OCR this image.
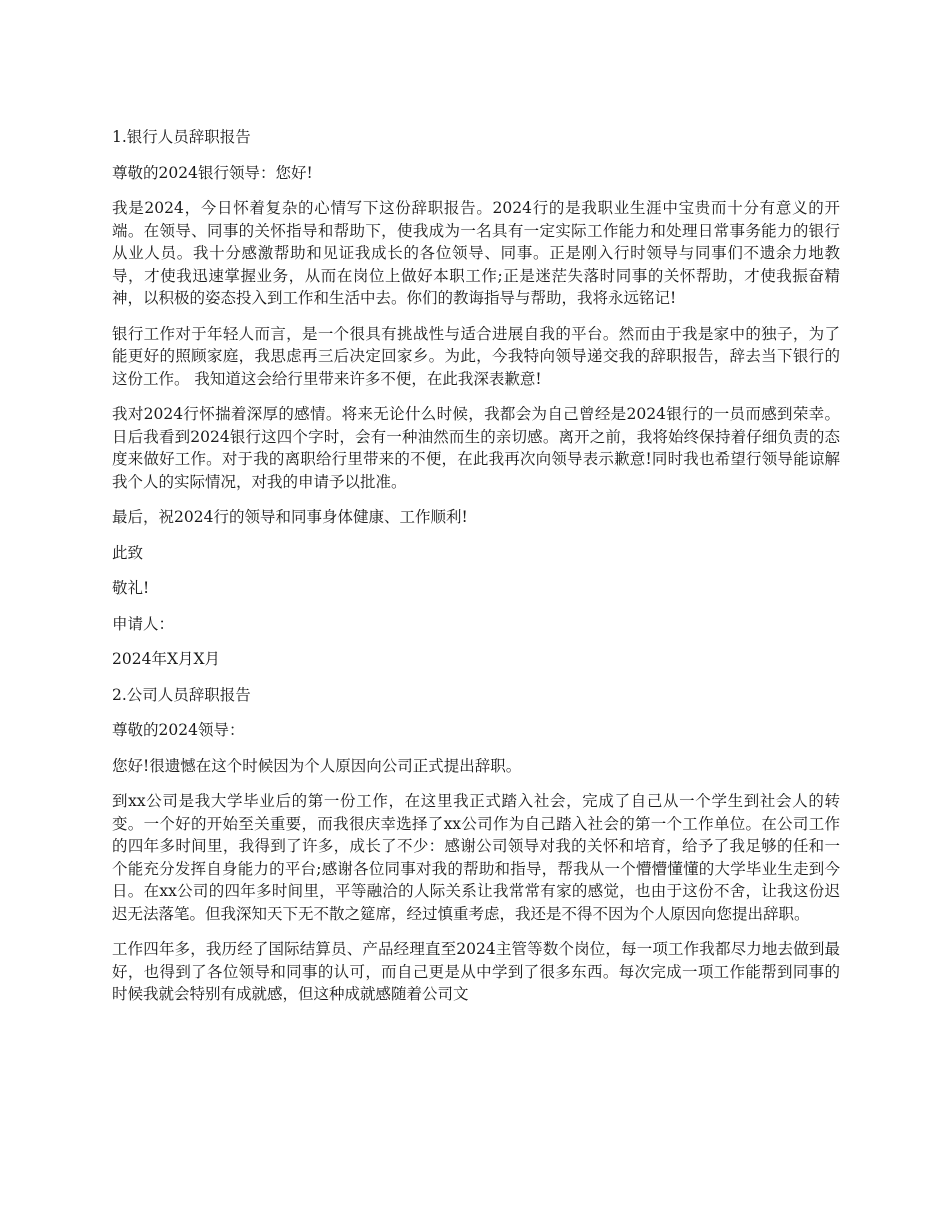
1.银行人员辞职报告

尊敬的2024银行领导：您好!

我是2024，今日怀着复杂的心情写下这份辞职报告。2024行的是我职业生涯中宝贵而十分有意义的开端。在领导、同事的关怀指导和帮助下，使我成为一名具有一定实际工作能力和处理日常事务能力的银行从业人员。我十分感激帮助和见证我成长的各位领导、同事。正是刚入行时领导与同事们不遗余力地教导，才使我迅速掌握业务，从而在岗位上做好本职工作;正是迷茫失落时同事的关怀帮助，才使我振奋精神，以积极的姿态投入到工作和生活中去。你们的教诲指导与帮助，我将永远铭记!

银行工作对于年轻人而言，是一个很具有挑战性与适合进展自我的平台。然而由于我是家中的独子，为了能更好的照顾家庭，我思虑再三后决定回家乡。为此，今我特向领导递交我的辞职报告，辞去当下银行的这份工作。 我知道这会给行里带来许多不便，在此我深表歉意!

我对2024行怀揣着深厚的感情。将来无论什么时候，我都会为自己曾经是2024银行的一员而感到荣幸。日后我看到2024银行这四个字时，会有一种油然而生的亲切感。离开之前，我将始终保持着仔细负责的态度来做好工作。对于我的离职给行里带来的不便，在此我再次向领导表示歉意!同时我也希望行领导能谅解我个人的实际情况，对我的申请予以批准。

最后，祝2024行的领导和同事身体健康、工作顺利!

此致

敬礼!

申请人：

2024年X月X月

2.公司人员辞职报告

尊敬的2024领导：

您好!很遗憾在这个时候因为个人原因向公司正式提出辞职。

到xx公司是我大学毕业后的第一份工作，在这里我正式踏入社会，完成了自己从一个学生到社会人的转变。一个好的开始至关重要，而我很庆幸选择了xx公司作为自己踏入社会的第一个工作单位。在公司工作的四年多时间里，我得到了许多，成长了不少：感谢公司领导对我的关怀和培育，给予了我足够的任和一个能充分发挥自身能力的平台;感谢各位同事对我的帮助和指导，帮我从一个懵懵懂懂的大学毕业生走到今日。在xx公司的四年多时间里，平等融洽的人际关系让我常常有家的感觉，也由于这份不舍，让我这份迟迟无法落笔。但我深知天下无不散之筵席，经过慎重考虑，我还是不得不因为个人原因向您提出辞职。

工作四年多，我历经了国际结算员、产品经理直至2024主管等数个岗位，每一项工作我都尽力地去做到最好，也得到了各位领导和同事的认可，而自己更是从中学到了很多东西。每次完成一项工作能帮到同事的时候我就会特别有成就感，但这种成就感随着公司文
